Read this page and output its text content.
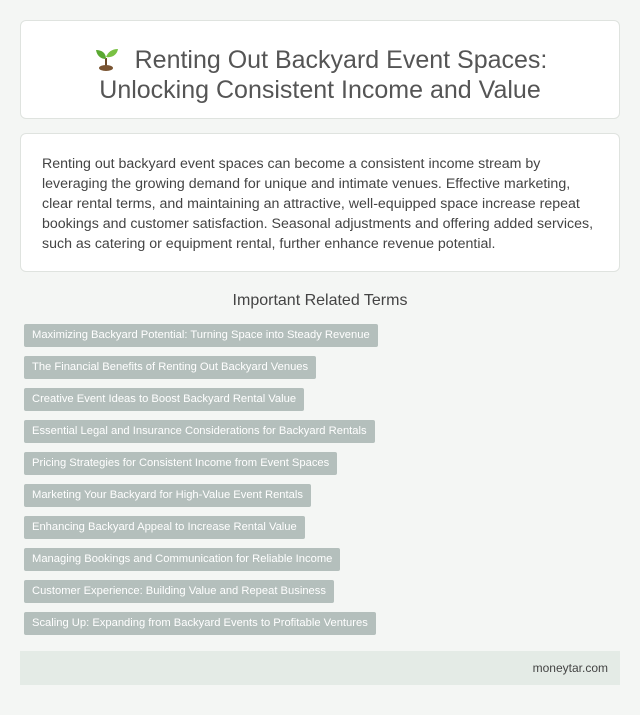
Renting Out Backyard Event Spaces: Unlocking Consistent Income and Value

Renting out backyard event spaces can become a consistent income stream by leveraging the growing demand for unique and intimate venues. Effective marketing, clear rental terms, and maintaining an attractive, well-equipped space increase repeat bookings and customer satisfaction. Seasonal adjustments and offering added services, such as catering or equipment rental, further enhance revenue potential.

Important Related Terms
Maximizing Backyard Potential: Turning Space into Steady Revenue
The Financial Benefits of Renting Out Backyard Venues
Creative Event Ideas to Boost Backyard Rental Value
Essential Legal and Insurance Considerations for Backyard Rentals
Pricing Strategies for Consistent Income from Event Spaces
Marketing Your Backyard for High-Value Event Rentals
Enhancing Backyard Appeal to Increase Rental Value
Managing Bookings and Communication for Reliable Income
Customer Experience: Building Value and Repeat Business
Scaling Up: Expanding from Backyard Events to Profitable Ventures
moneytar.com
